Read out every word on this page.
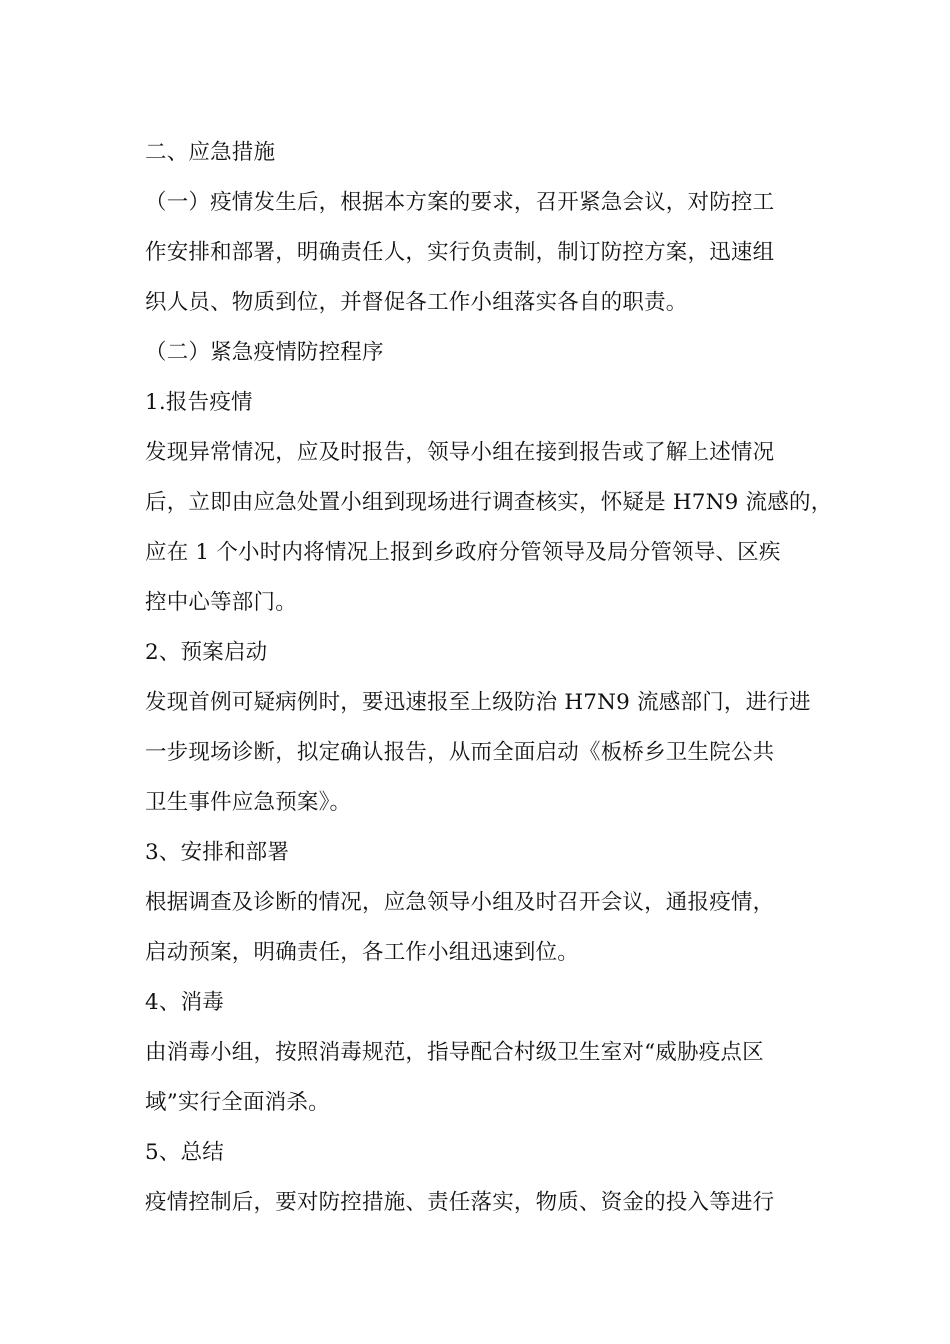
二、应急措施
（一）疫情发生后，根据本方案的要求，召开紧急会议，对防控工
作安排和部署，明确责任人，实行负责制，制订防控方案，迅速组
织人员、物质到位，并督促各工作小组落实各自的职责。
（二）紧急疫情防控程序
1.报告疫情
发现异常情况，应及时报告，领导小组在接到报告或了解上述情况
后，立即由应急处置小组到现场进行调查核实，怀疑是 H7N9 流感的，
应在 1 个小时内将情况上报到乡政府分管领导及局分管领导、区疾
控中心等部门。
2、预案启动
发现首例可疑病例时，要迅速报至上级防治 H7N9 流感部门，进行进
一步现场诊断，拟定确认报告，从而全面启动《板桥乡卫生院公共
卫生事件应急预案》。
3、安排和部署
根据调查及诊断的情况，应急领导小组及时召开会议，通报疫情，
启动预案，明确责任，各工作小组迅速到位。
4、消毒
由消毒小组，按照消毒规范，指导配合村级卫生室对“威胁疫点区
域”实行全面消杀。
5、总结
疫情控制后，要对防控措施、责任落实，物质、资金的投入等进行
